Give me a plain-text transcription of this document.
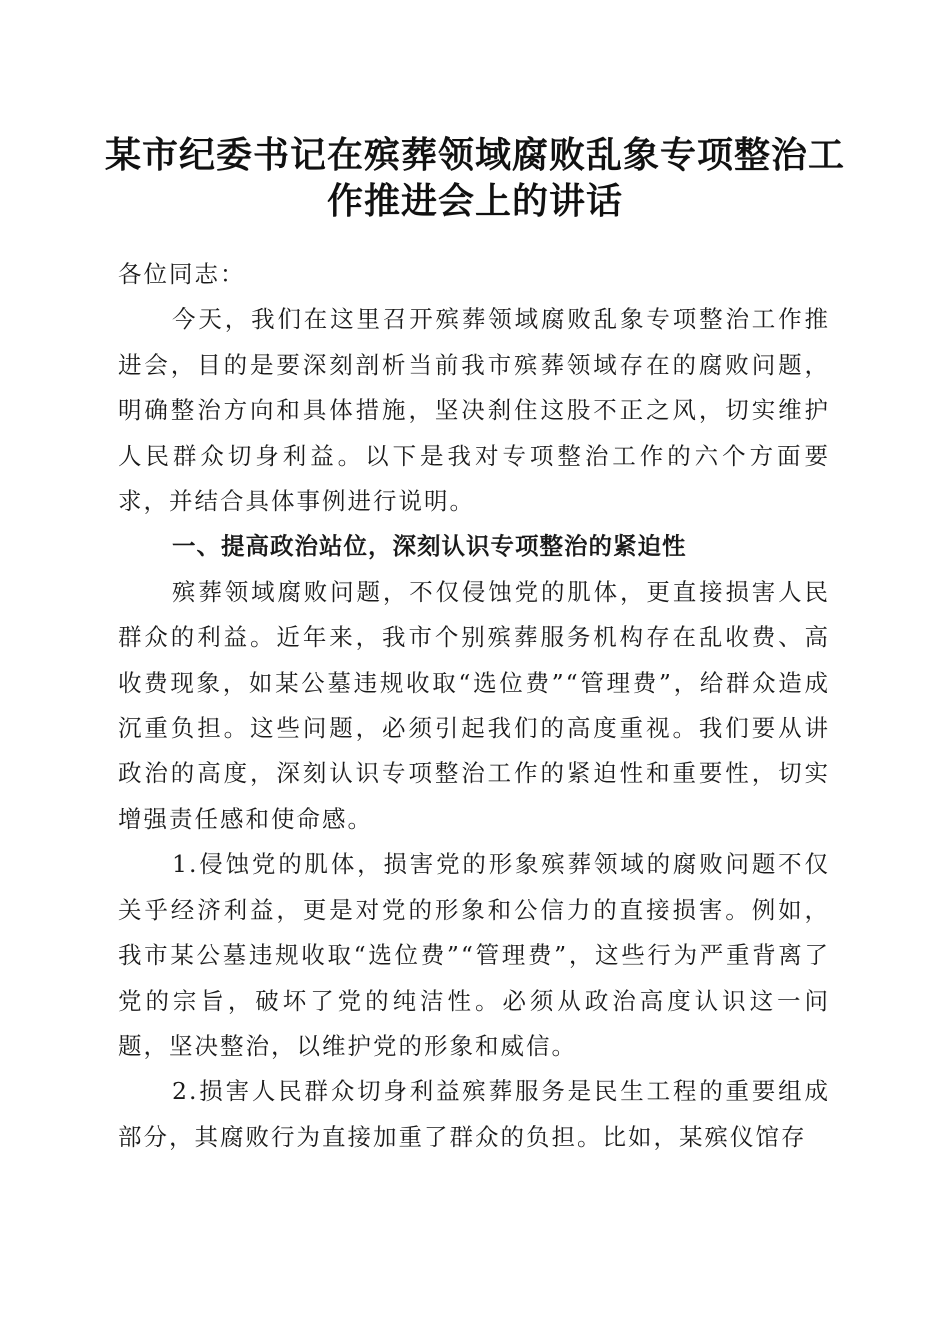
某市纪委书记在殡葬领域腐败乱象专项整治工作推进会上的讲话

各位同志：

今天，我们在这里召开殡葬领域腐败乱象专项整治工作推进会，目的是要深刻剖析当前我市殡葬领域存在的腐败问题，明确整治方向和具体措施，坚决刹住这股不正之风，切实维护人民群众切身利益。以下是我对专项整治工作的六个方面要求，并结合具体事例进行说明。

一、提高政治站位，深刻认识专项整治的紧迫性

殡葬领域腐败问题，不仅侵蚀党的肌体，更直接损害人民群众的利益。近年来，我市个别殡葬服务机构存在乱收费、高收费现象，如某公墓违规收取“选位费”“管理费”，给群众造成沉重负担。这些问题，必须引起我们的高度重视。我们要从讲政治的高度，深刻认识专项整治工作的紧迫性和重要性，切实增强责任感和使命感。

1.侵蚀党的肌体，损害党的形象殡葬领域的腐败问题不仅关乎经济利益，更是对党的形象和公信力的直接损害。例如，我市某公墓违规收取“选位费”“管理费”，这些行为严重背离了党的宗旨，破坏了党的纯洁性。必须从政治高度认识这一问题，坚决整治，以维护党的形象和威信。

2.损害人民群众切身利益殡葬服务是民生工程的重要组成部分，其腐败行为直接加重了群众的负担。比如，某殡仪馆存
